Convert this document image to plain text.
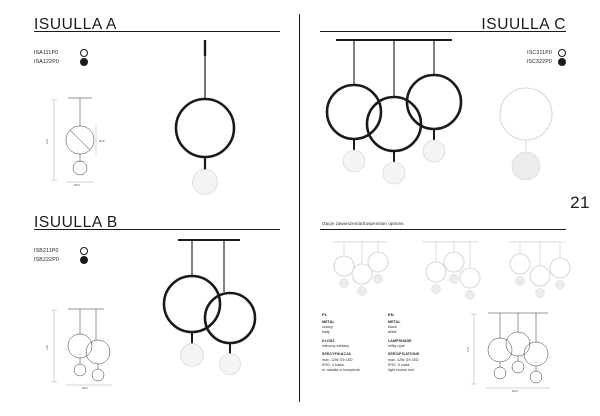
ISUULLA A
ISA111P0
ISA122P0
120
Ø20
Ø12
ISUULLA B
ISB211P0
ISB222P0
120
Ø20
ISUULLA C
ISC311P0
ISC322P0
21
Opcje zawieszenia/Suspension options
PL

METAL
czarny
biały

KLOSZ
mleczny szklany

SPECYFIKACJA
max. 12W G9 LED
IP20, II klasa
źr. światła w komplecie

EN

METAL
black
white

LAMPSHADE
milky opal

SPECIFICATIONS
max. 12W G9 LED
IP20, II class
light source incl.

120
Ø20
